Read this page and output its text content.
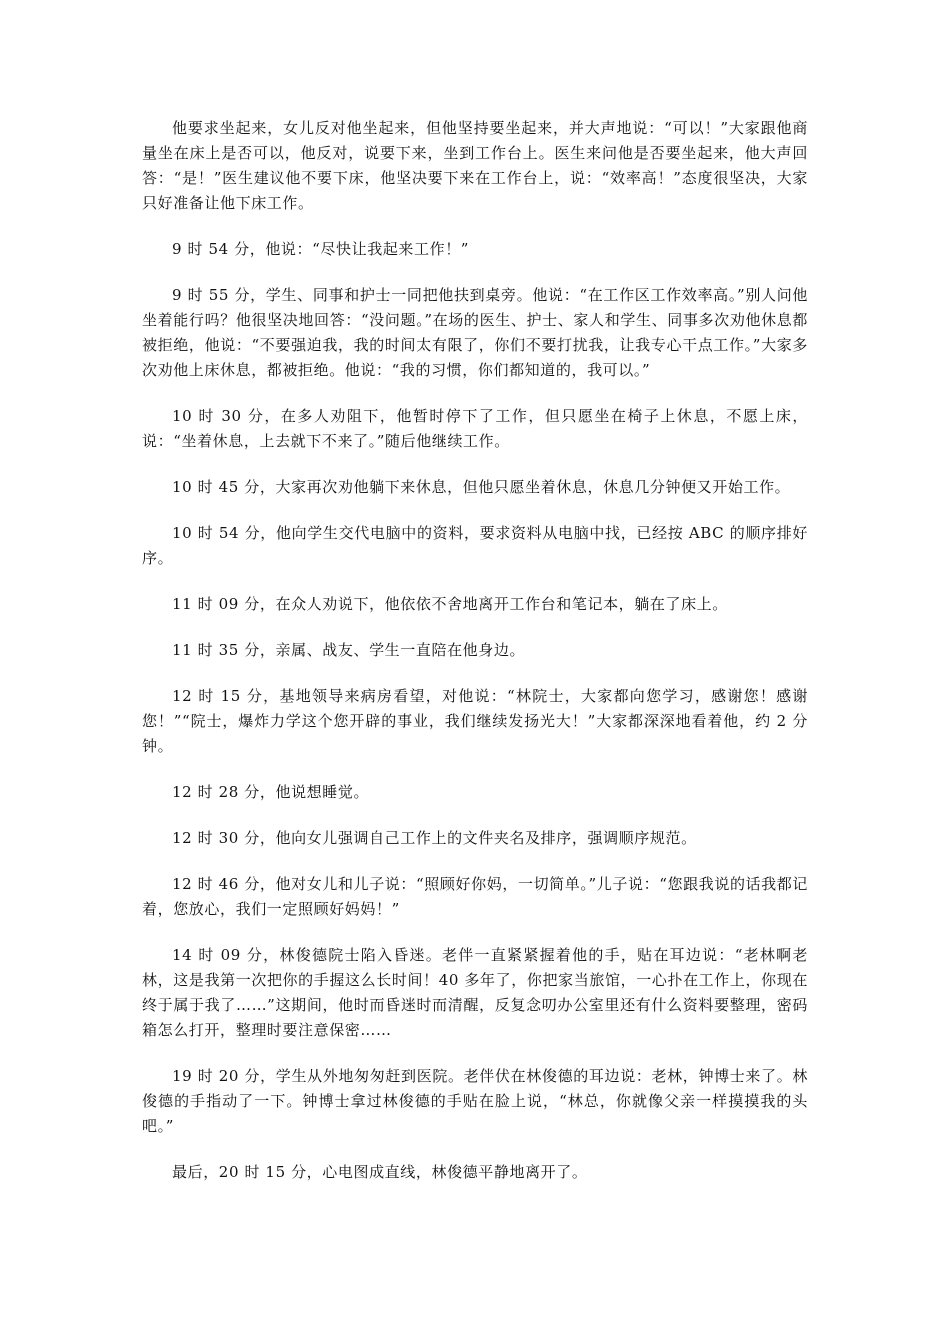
他要求坐起来，女儿反对他坐起来，但他坚持要坐起来，并大声地说：“可以！”大家跟他商量坐在床上是否可以，他反对，说要下来，坐到工作台上。医生来问他是否要坐起来，他大声回答：“是！”医生建议他不要下床，他坚决要下来在工作台上，说：“效率高！”态度很坚决，大家只好准备让他下床工作。

9 时 54 分，他说：“尽快让我起来工作！”

9 时 55 分，学生、同事和护士一同把他扶到桌旁。他说：“在工作区工作效率高。”别人问他坐着能行吗？他很坚决地回答：“没问题。”在场的医生、护士、家人和学生、同事多次劝他休息都被拒绝，他说：“不要强迫我，我的时间太有限了，你们不要打扰我，让我专心干点工作。”大家多次劝他上床休息，都被拒绝。他说：“我的习惯，你们都知道的，我可以。”

10 时 30 分，在多人劝阻下，他暂时停下了工作，但只愿坐在椅子上休息，不愿上床，说：“坐着休息，上去就下不来了。”随后他继续工作。

10 时 45 分，大家再次劝他躺下来休息，但他只愿坐着休息，休息几分钟便又开始工作。

10 时 54 分，他向学生交代电脑中的资料，要求资料从电脑中找，已经按 ABC 的顺序排好序。

11 时 09 分，在众人劝说下，他依依不舍地离开工作台和笔记本，躺在了床上。

11 时 35 分，亲属、战友、学生一直陪在他身边。

12 时 15 分，基地领导来病房看望，对他说：“林院士，大家都向您学习，感谢您！感谢您！”“院士，爆炸力学这个您开辟的事业，我们继续发扬光大！”大家都深深地看着他，约 2 分钟。

12 时 28 分，他说想睡觉。

12 时 30 分，他向女儿强调自己工作上的文件夹名及排序，强调顺序规范。

12 时 46 分，他对女儿和儿子说：“照顾好你妈，一切简单。”儿子说：“您跟我说的话我都记着，您放心，我们一定照顾好妈妈！”

14 时 09 分，林俊德院士陷入昏迷。老伴一直紧紧握着他的手，贴在耳边说：“老林啊老林，这是我第一次把你的手握这么长时间！40 多年了，你把家当旅馆，一心扑在工作上，你现在终于属于我了……”这期间，他时而昏迷时而清醒，反复念叨办公室里还有什么资料要整理，密码箱怎么打开，整理时要注意保密……

19 时 20 分，学生从外地匆匆赶到医院。老伴伏在林俊德的耳边说：老林，钟博士来了。林俊德的手指动了一下。钟博士拿过林俊德的手贴在脸上说，“林总，你就像父亲一样摸摸我的头吧。”

最后，20 时 15 分，心电图成直线，林俊德平静地离开了。
